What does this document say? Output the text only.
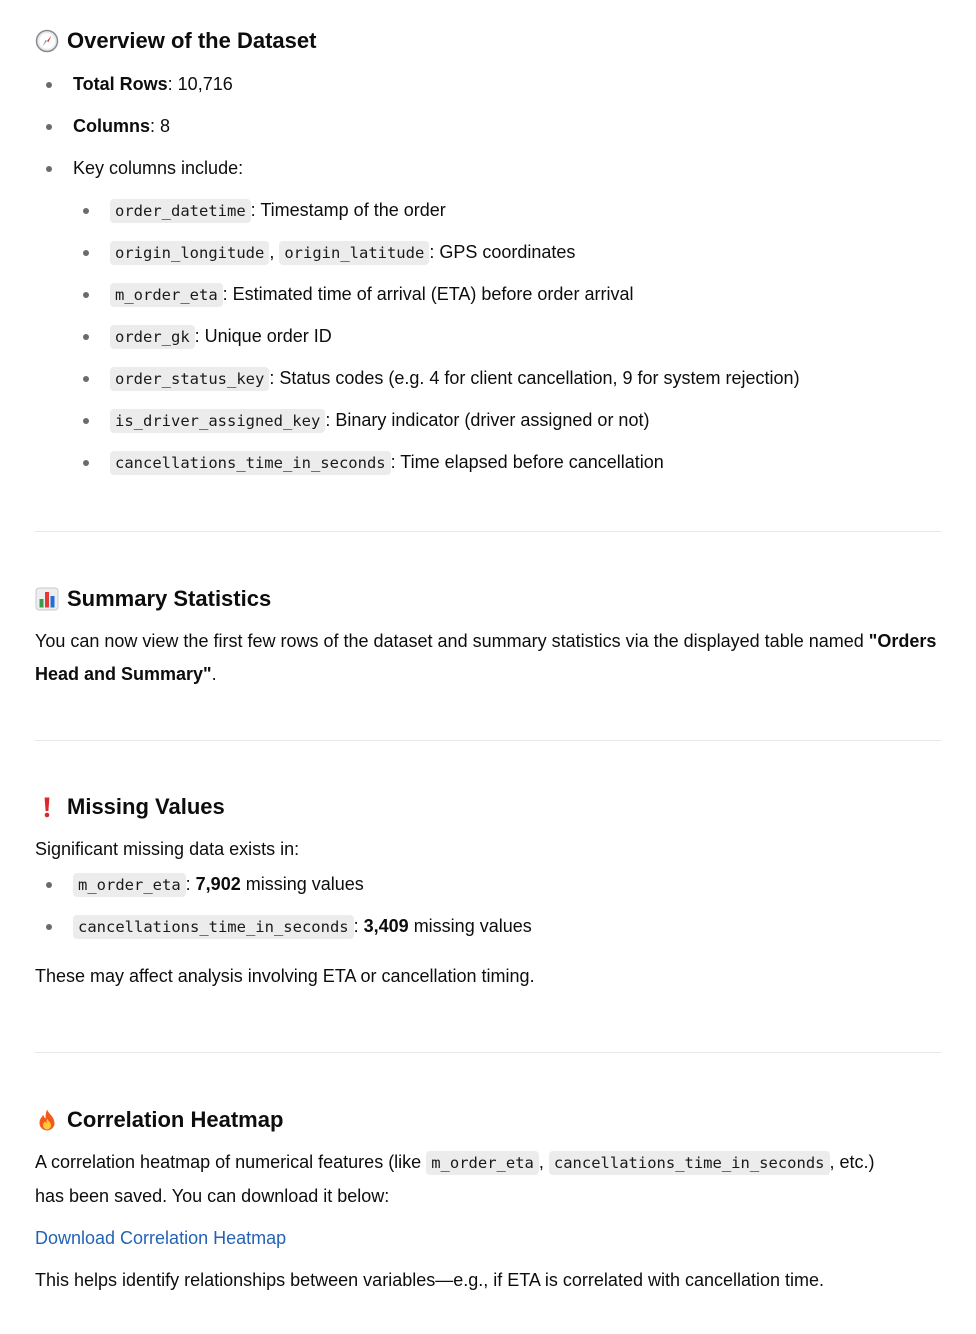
Overview of the Dataset
Total Rows: 10,716
Columns: 8
Key columns include:
order_datetime : Timestamp of the order
origin_longitude , origin_latitude : GPS coordinates
m_order_eta : Estimated time of arrival (ETA) before order arrival
order_gk : Unique order ID
order_status_key : Status codes (e.g. 4 for client cancellation, 9 for system rejection)
is_driver_assigned_key : Binary indicator (driver assigned or not)
cancellations_time_in_seconds : Time elapsed before cancellation
Summary Statistics

You can now view the first few rows of the dataset and summary statistics via the displayed table named "Orders Head and Summary".

Missing Values

Significant missing data exists in:

m_order_eta : 7,902 missing values
cancellations_time_in_seconds : 3,409 missing values

These may affect analysis involving ETA or cancellation timing.

Correlation Heatmap

A correlation heatmap of numerical features (like m_order_eta , cancellations_time_in_seconds , etc.)
has been saved. You can download it below:

Download Correlation Heatmap

This helps identify relationships between variables—e.g., if ETA is correlated with cancellation time.
